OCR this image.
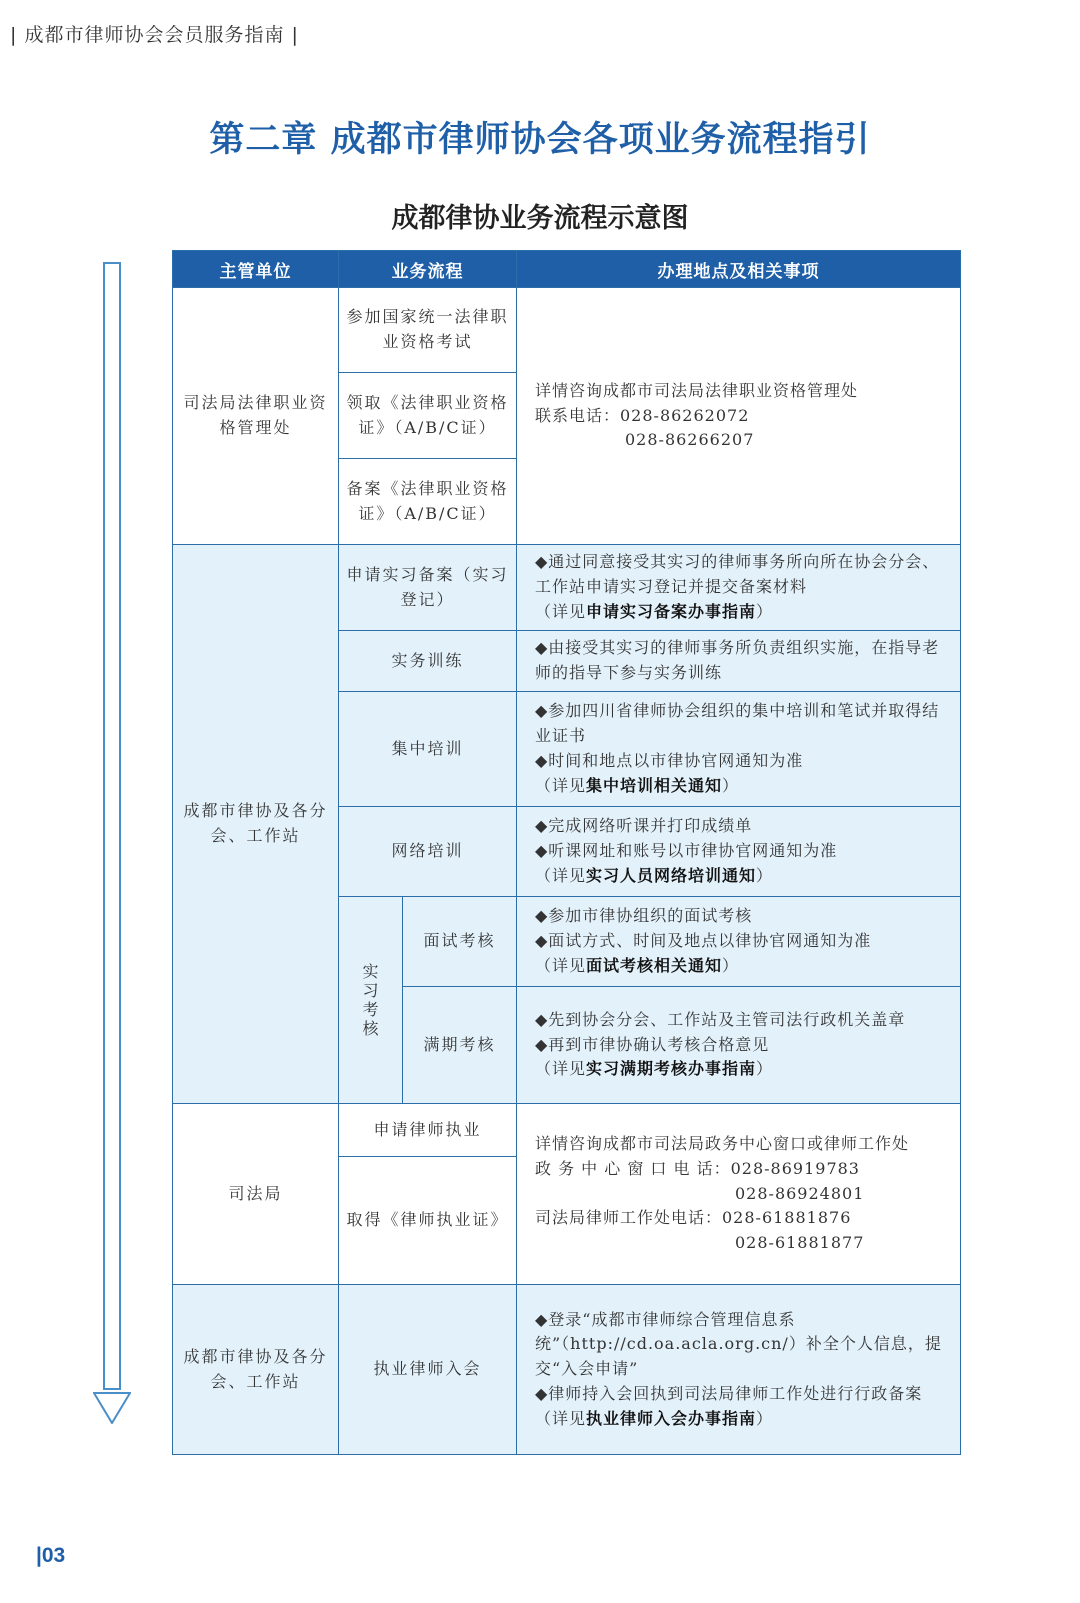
| 成都市律师协会会员服务指南 |
第二章 成都市律师协会各项业务流程指引
成都律协业务流程示意图
主管单位	业务流程		办理地点及相关事项
司法局法律职业资格管理处	参加国家统一法律职业资格考试		详情咨询成都市司法局法律职业资格管理处

联系电话：028-86262072

028-86266207

	领取《法律职业资格证》（A/B/C证）		
	备案《法律职业资格证》（A/B/C证）		
成都市律协及各分会、工作站	申请实习备案（实习登记）		◆通过同意接受其实习的律师事务所向所在协会分会、工作站申请实习登记并提交备案材料

（详见申请实习备案办事指南）

	实务训练		◆由接受其实习的律师事务所负责组织实施，在指导老师的指导下参与实务训练

	集中培训		◆参加四川省律师协会组织的集中培训和笔试并取得结业证书

◆时间和地点以市律协官网通知为准

（详见集中培训相关通知）

	网络培训		◆完成网络听课并打印成绩单

◆听课网址和账号以市律协官网通知为准

（详见实习人员网络培训通知）

	实习考核	面试考核	◆参加市律协组织的面试考核

◆面试方式、时间及地点以律协官网通知为准

（详见面试考核相关通知）

		满期考核	◆先到协会分会、工作站及主管司法行政机关盖章

◆再到市律协确认考核合格意见

（详见实习满期考核办事指南）

司法局	申请律师执业		详情咨询成都市司法局政务中心窗口或律师工作处

政 务 中 心 窗 口 电 话：028-86919783

028-86924801

司法局律师工作处电话：028-61881876

028-61881877

	取得《律师执业证》		
成都市律协及各分会、工作站	执业律师入会		◆登录“成都市律师综合管理信息系统”（http://cd.oa.acla.org.cn/）补全个人信息，提交“入会申请”

◆律师持入会回执到司法局律师工作处进行行政备案

（详见执业律师入会办事指南）

|03
